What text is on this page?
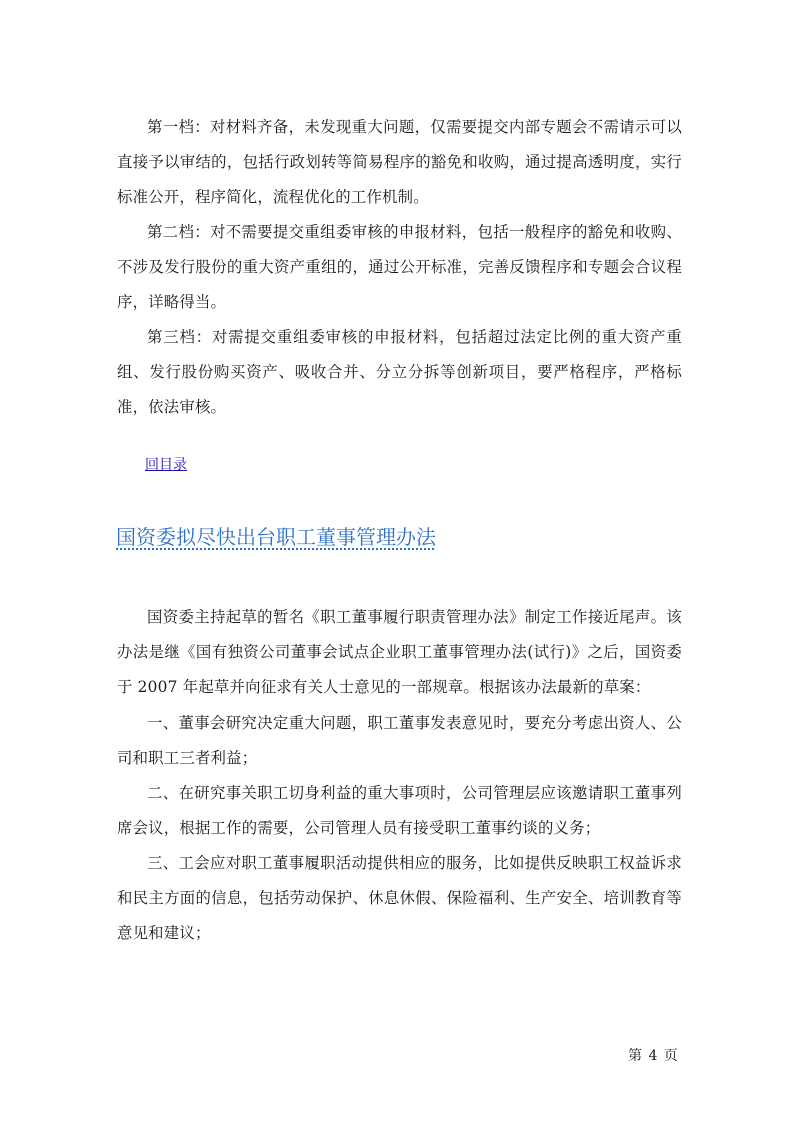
第一档：对材料齐备，未发现重大问题，仅需要提交内部专题会不需请示可以直接予以审结的，包括行政划转等简易程序的豁免和收购，通过提高透明度，实行标准公开，程序简化，流程优化的工作机制。

第二档：对不需要提交重组委审核的申报材料，包括一般程序的豁免和收购、不涉及发行股份的重大资产重组的，通过公开标准，完善反馈程序和专题会合议程序，详略得当。

第三档：对需提交重组委审核的申报材料，包括超过法定比例的重大资产重组、发行股份购买资产、吸收合并、分立分拆等创新项目，要严格程序，严格标准，依法审核。

回目录
国资委拟尽快出台职工董事管理办法

国资委主持起草的暂名《职工董事履行职责管理办法》制定工作接近尾声。该办法是继《国有独资公司董事会试点企业职工董事管理办法(试行)》之后，国资委于 2007 年起草并向征求有关人士意见的一部规章。根据该办法最新的草案：

一、董事会研究决定重大问题，职工董事发表意见时，要充分考虑出资人、公司和职工三者利益；

二、在研究事关职工切身利益的重大事项时，公司管理层应该邀请职工董事列席会议，根据工作的需要，公司管理人员有接受职工董事约谈的义务；

三、工会应对职工董事履职活动提供相应的服务，比如提供反映职工权益诉求和民主方面的信息，包括劳动保护、休息休假、保险福利、生产安全、培训教育等意见和建议；

第 4 页
